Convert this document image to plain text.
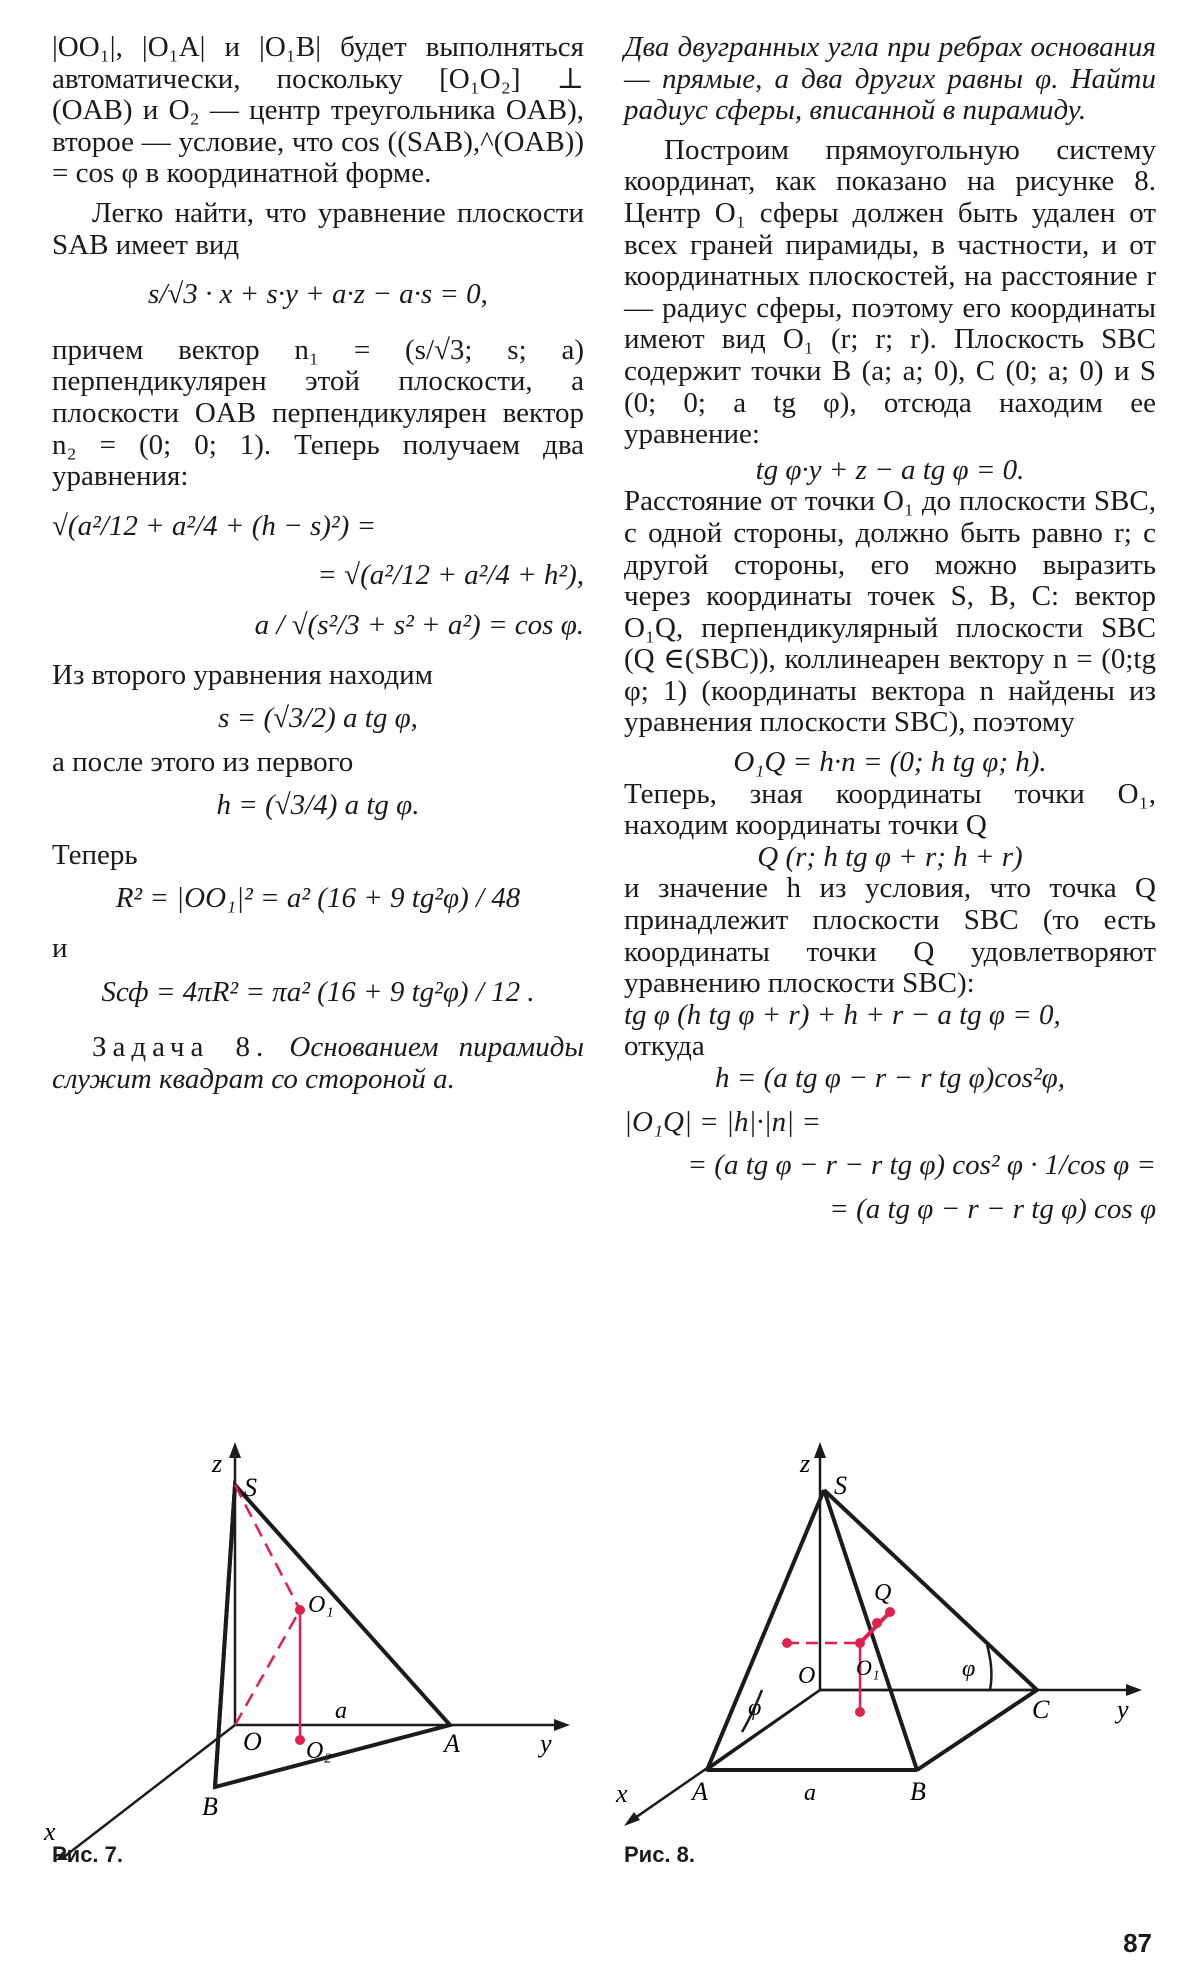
|OO₁|, |O₁A| и |O₁B| будет выполняться автоматически, поскольку [O₁O₂] ⊥ (OAB) и O₂ — центр треугольника OAB), второе — условие, что cos ((SAB),^(OAB)) = cos φ в координатной форме.

Легко найти, что уравнение плоскости SAB имеет вид

s/√3 · x + s·y + a·z − a·s = 0,

причем вектор n₁ = (s/√3; s; a) перпендикулярен этой плоскости, а плоскости OAB перпендикулярен вектор n₂ = (0; 0; 1). Теперь получаем два уравнения:

√(a²/12 + a²/4 + (h − s)²) =
= √(a²/12 + a²/4 + h²),
a / √(s²/3 + s² + a²) = cos φ.

Из второго уравнения находим

s = (√3/2) a tg φ,

а после этого из первого

h = (√3/4) a tg φ.

Теперь

R² = |OO₁|² = a² (16 + 9 tg²φ) / 48

и

Sсф = 4πR² = πa² (16 + 9 tg²φ) / 12 .

Задача 8. Основанием пирамиды служит квадрат со стороной a.

Два двугранных угла при ребрах основания — прямые, а два других равны φ. Найти радиус сферы, вписанной в пирамиду.

Построим прямоугольную систему координат, как показано на рисунке 8. Центр O₁ сферы должен быть удален от всех граней пирамиды, в частности, и от координатных плоскостей, на расстояние r — радиус сферы, поэтому его координаты имеют вид O₁ (r; r; r). Плоскость SBC содержит точки B (a; a; 0), C (0; a; 0) и S (0; 0; a tg φ), отсюда находим ее уравнение:

tg φ·y + z − a tg φ = 0.

Расстояние от точки O₁ до плоскости SBC, с одной стороны, должно быть равно r; с другой стороны, его можно выразить через координаты точек S, B, C: вектор O₁Q, перпендикулярный плоскости SBC (Q ∈(SBC)), коллинеарен вектору n = (0;tg φ; 1) (координаты вектора n найдены из уравнения плоскости SBC), поэтому

O₁Q = h·n = (0; h tg φ; h).

Теперь, зная координаты точки O₁, находим координаты точки Q

Q (r; h tg φ + r; h + r)

и значение h из условия, что точка Q принадлежит плоскости SBC (то есть координаты точки Q удовлетворяют уравнению плоскости SBC):

tg φ (h tg φ + r) + h + r − a tg φ = 0,

откуда

h = (a tg φ − r − r tg φ)cos²φ,
|O₁Q| = |h|·|n| =
= (a tg φ − r − r tg φ) cos² φ · 1/cos φ =
= (a tg φ − r − r tg φ) cos φ
z
S
O₁
a
O O₂	A	y
B
x
Рис. 7.
z
S
Q
O₁
O	φ
φ	C	y
A	a	B
x
Рис. 8.
87
